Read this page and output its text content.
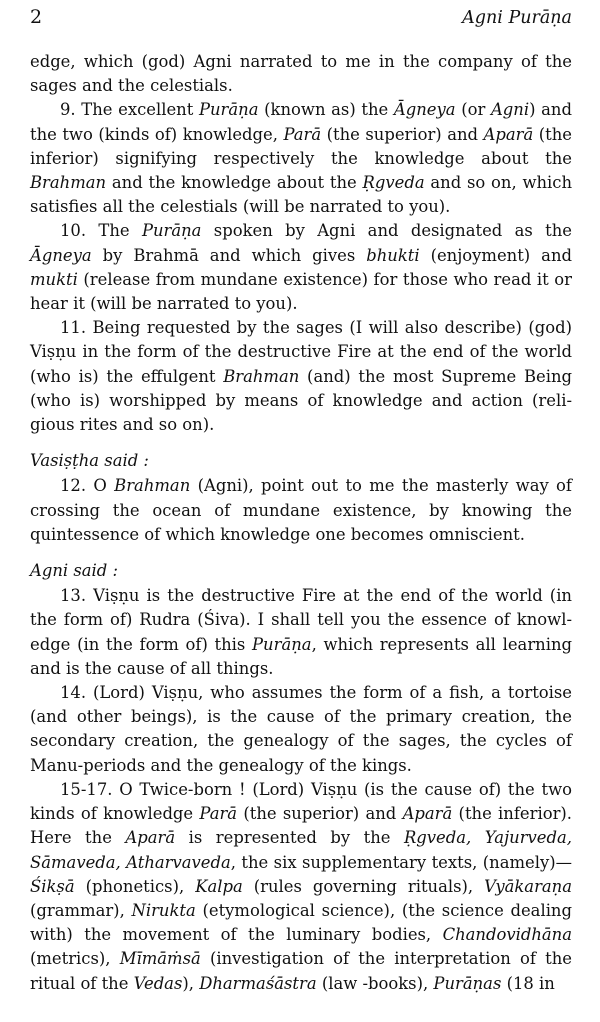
2	Agni Purāṇa

edge, which (god) Agni narrated to me in the company of the sages and the celestials.

9. The excellent Purāṇa (known as) the Āgneya (or Agni) and the two (kinds of) knowledge, Parā (the superior) and Aparā (the inferior) signifying respectively the knowledge about the Brahman and the knowledge about the Ṛgveda and so on, which satisfies all the celestials (will be narrated to you).

10. The Purāṇa spoken by Agni and designated as the Āgneya by Brahmā and which gives bhukti (enjoyment) and mukti (release from mundane existence) for those who read it or hear it (will be narrated to you).

11. Being requested by the sages (I will also describe) (god) Viṣṇu in the form of the destructive Fire at the end of the world (who is) the effulgent Brahman (and) the most Supreme Being (who is) worshipped by means of knowledge and action (religious rites and so on).

Vasiṣṭha said :

12. O Brahman (Agni), point out to me the masterly way of crossing the ocean of mundane existence, by knowing the quintessence of which knowledge one becomes omniscient.

Agni said :

13. Viṣṇu is the destructive Fire at the end of the world (in the form of) Rudra (Śiva). I shall tell you the essence of knowledge (in the form of) this Purāṇa, which represents all learning and is the cause of all things.

14. (Lord) Viṣṇu, who assumes the form of a fish, a tortoise (and other beings), is the cause of the primary creation, the secondary creation, the genealogy of the sages, the cycles of Manu-periods and the genealogy of the kings.

15-17. O Twice-born ! (Lord) Viṣṇu (is the cause of) the two kinds of knowledge Parā (the superior) and Aparā (the inferior). Here the Aparā is represented by the Ṛgveda, Yajurveda, Sāmaveda, Atharvaveda, the six supplementary texts, (namely)— Śikṣā (phonetics), Kalpa (rules governing rituals), Vyākaraṇa (grammar), Nirukta (etymological science), (the science dealing with) the movement of the luminary bodies, Chandovidhāna (metrics), Mīmāṁsā (investigation of the interpretation of the ritual of the Vedas), Dharmaśāstra (law -books), Purāṇas (18 in
